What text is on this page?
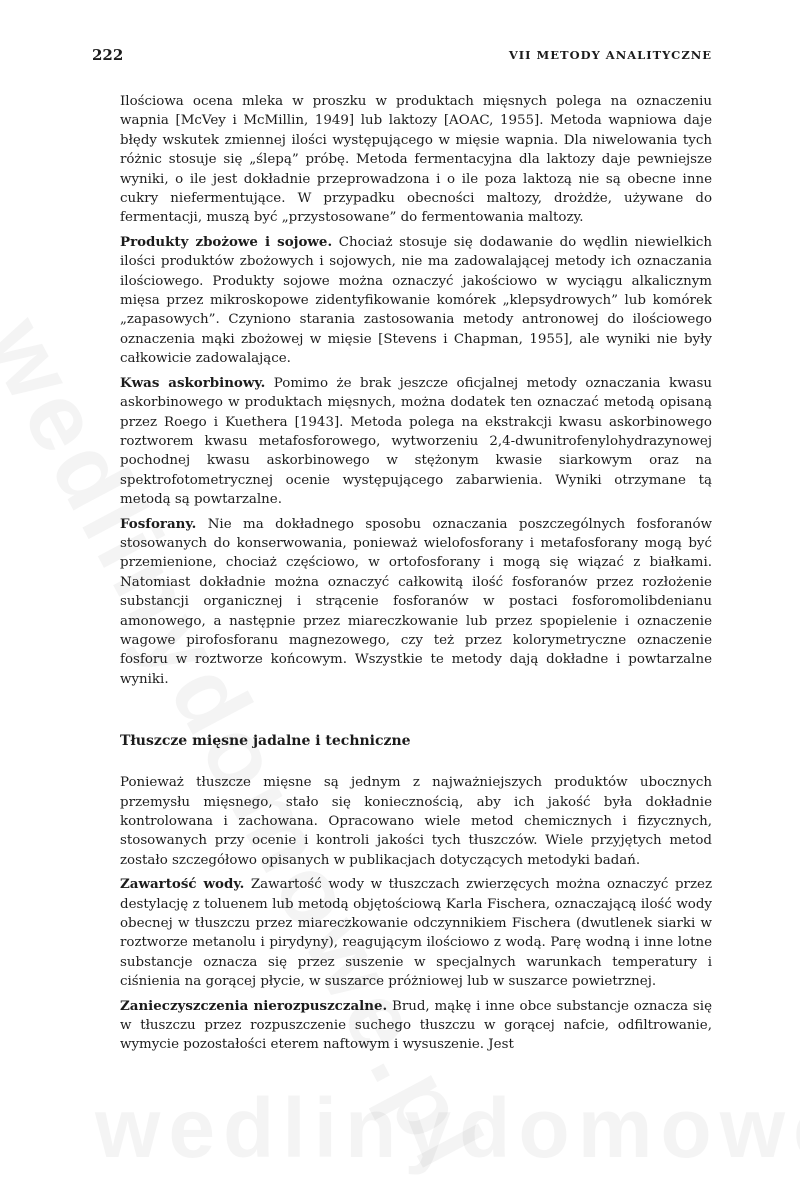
222	VII METODY ANALITYCZNE

Ilościowa ocena mleka w proszku w produktach mięsnych polega na oznaczeniu wapnia [McVey i McMillin, 1949] lub laktozy [AOAC, 1955]. Metoda wapniowa daje błędy wskutek zmiennej ilości występującego w mięsie wapnia. Dla niwelowania tych różnic stosuje się „ślepą” próbę. Metoda fermentacyjna dla laktozy daje pewniejsze wyniki, o ile jest dokładnie przeprowadzona i o ile poza laktozą nie są obecne inne cukry niefermentujące. W przypadku obecności maltozy, drożdże, używane do fermentacji, muszą być „przystosowane” do fermentowania maltozy.

Produkty zbożowe i sojowe. Chociaż stosuje się dodawanie do wędlin niewielkich ilości produktów zbożowych i sojowych, nie ma zadowalającej metody ich oznaczania ilościowego. Produkty sojowe można oznaczyć jakościowo w wyciągu alkalicznym mięsa przez mikroskopowe zidentyfikowanie komórek „klepsydrowych” lub komórek „zapasowych”. Czyniono starania zastosowania metody antronowej do ilościowego oznaczenia mąki zbożowej w mięsie [Stevens i Chapman, 1955], ale wyniki nie były całkowicie zadowalające.

Kwas askorbinowy. Pomimo że brak jeszcze oficjalnej metody oznaczania kwasu askorbinowego w produktach mięsnych, można dodatek ten oznaczać metodą opisaną przez Roego i Kuethera [1943]. Metoda polega na ekstrakcji kwasu askorbinowego roztworem kwasu metafosforowego, wytworzeniu 2,4-dwunitrofenylohydrazynowej pochodnej kwasu askorbinowego w stężonym kwasie siarkowym oraz na spektrofotometrycznej ocenie występującego zabarwienia. Wyniki otrzymane tą metodą są powtarzalne.

Fosforany. Nie ma dokładnego sposobu oznaczania poszczególnych fosforanów stosowanych do konserwowania, ponieważ wielofosforany i metafosforany mogą być przemienione, chociaż częściowo, w ortofosforany i mogą się wiązać z białkami. Natomiast dokładnie można oznaczyć całkowitą ilość fosforanów przez rozłożenie substancji organicznej i strącenie fosforanów w postaci fosforomolibdenianu amonowego, a następnie przez miareczkowanie lub przez spopielenie i oznaczenie wagowe pirofosforanu magnezowego, czy też przez kolorymetryczne oznaczenie fosforu w roztworze końcowym. Wszystkie te metody dają dokładne i powtarzalne wyniki.

Tłuszcze mięsne jadalne i techniczne

Ponieważ tłuszcze mięsne są jednym z najważniejszych produktów ubocznych przemysłu mięsnego, stało się koniecznością, aby ich jakość była dokładnie kontrolowana i zachowana. Opracowano wiele metod chemicznych i fizycznych, stosowanych przy ocenie i kontroli jakości tych tłuszczów. Wiele przyjętych metod zostało szczegółowo opisanych w publikacjach dotyczących metodyki badań.

Zawartość wody. Zawartość wody w tłuszczach zwierzęcych można oznaczyć przez destylację z toluenem lub metodą objętościową Karla Fischera, oznaczającą ilość wody obecnej w tłuszczu przez miareczkowanie odczynnikiem Fischera (dwutlenek siarki w roztworze metanolu i pirydyny), reagującym ilościowo z wodą. Parę wodną i inne lotne substancje oznacza się przez suszenie w specjalnych warunkach temperatury i ciśnienia na gorącej płycie, w suszarce próżniowej lub w suszarce powietrznej.

Zanieczyszczenia nierozpuszczalne. Brud, mąkę i inne obce substancje oznacza się w tłuszczu przez rozpuszczenie suchego tłuszczu w gorącej nafcie, odfiltrowanie, wymycie pozostałości eterem naftowym i wysuszenie. Jest
